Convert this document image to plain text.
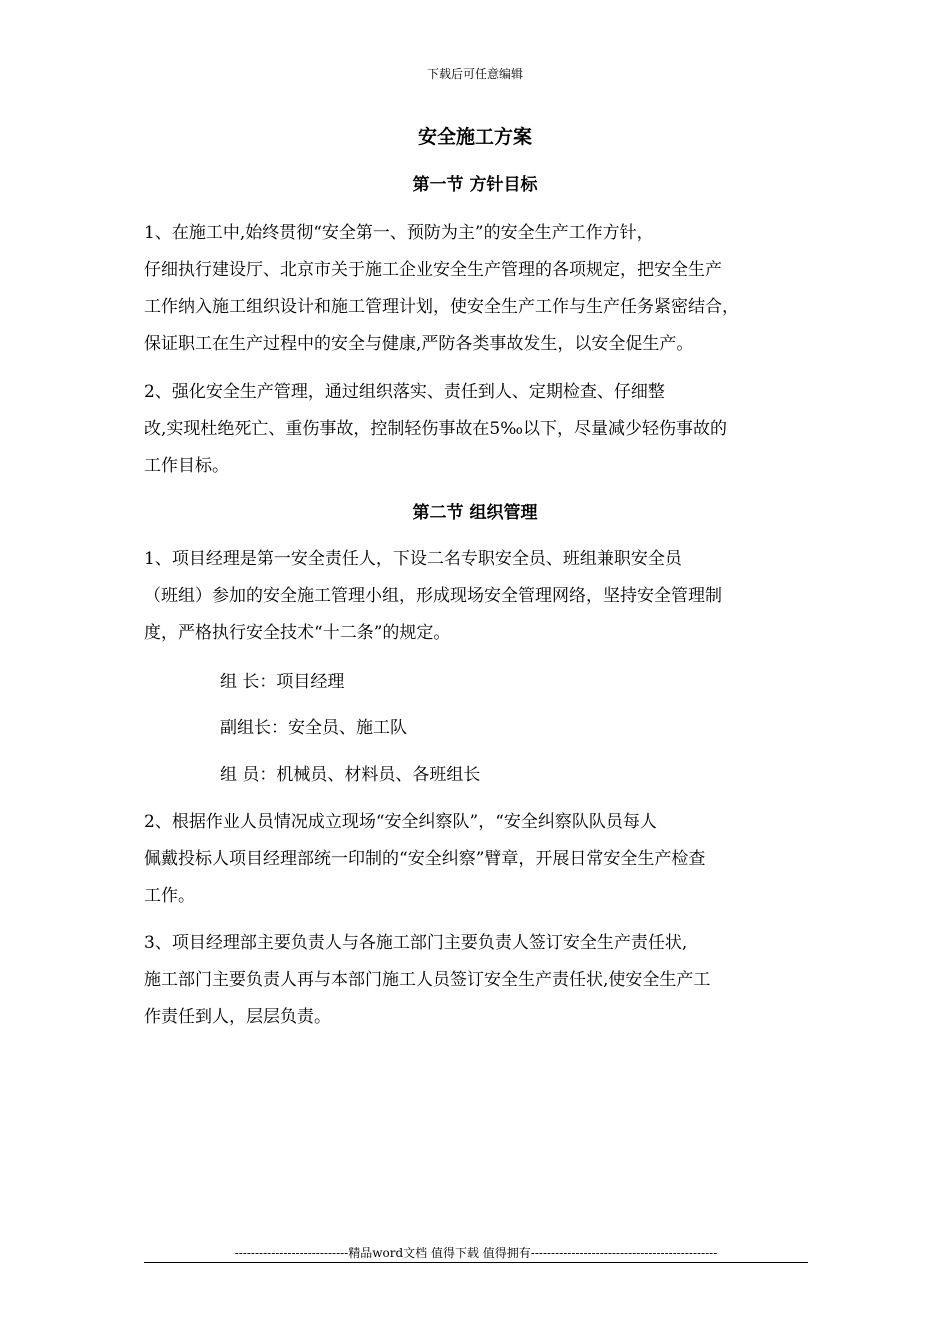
下载后可任意编辑
安全施工方案
第一节 方针目标
1、在施工中,始终贯彻“安全第一、预防为主”的安全生产工作方针，
仔细执行建设厅、北京市关于施工企业安全生产管理的各项规定，把安全生产
工作纳入施工组织设计和施工管理计划，使安全生产工作与生产任务紧密结合，
保证职工在生产过程中的安全与健康,严防各类事故发生，以安全促生产。
2、强化安全生产管理，通过组织落实、责任到人、定期检查、仔细整
改,实现杜绝死亡、重伤事故，控制轻伤事故在5‰以下，尽量减少轻伤事故的
工作目标。
第二节 组织管理
1、项目经理是第一安全责任人，下设二名专职安全员、班组兼职安全员
（班组）参加的安全施工管理小组，形成现场安全管理网络，坚持安全管理制
度，严格执行安全技术“十二条”的规定。
组 长：项目经理
副组长：安全员、施工队
组 员：机械员、材料员、各班组长
2、根据作业人员情况成立现场“安全纠察队”，“安全纠察队队员每人
佩戴投标人项目经理部统一印制的“安全纠察”臂章，开展日常安全生产检查
工作。
3、项目经理部主要负责人与各施工部门主要负责人签订安全生产责任状,
施工部门主要负责人再与本部门施工人员签订安全生产责任状,使安全生产工
作责任到人，层层负责。
----------------------------精品word文档 值得下载 值得拥有----------------------------------------------
